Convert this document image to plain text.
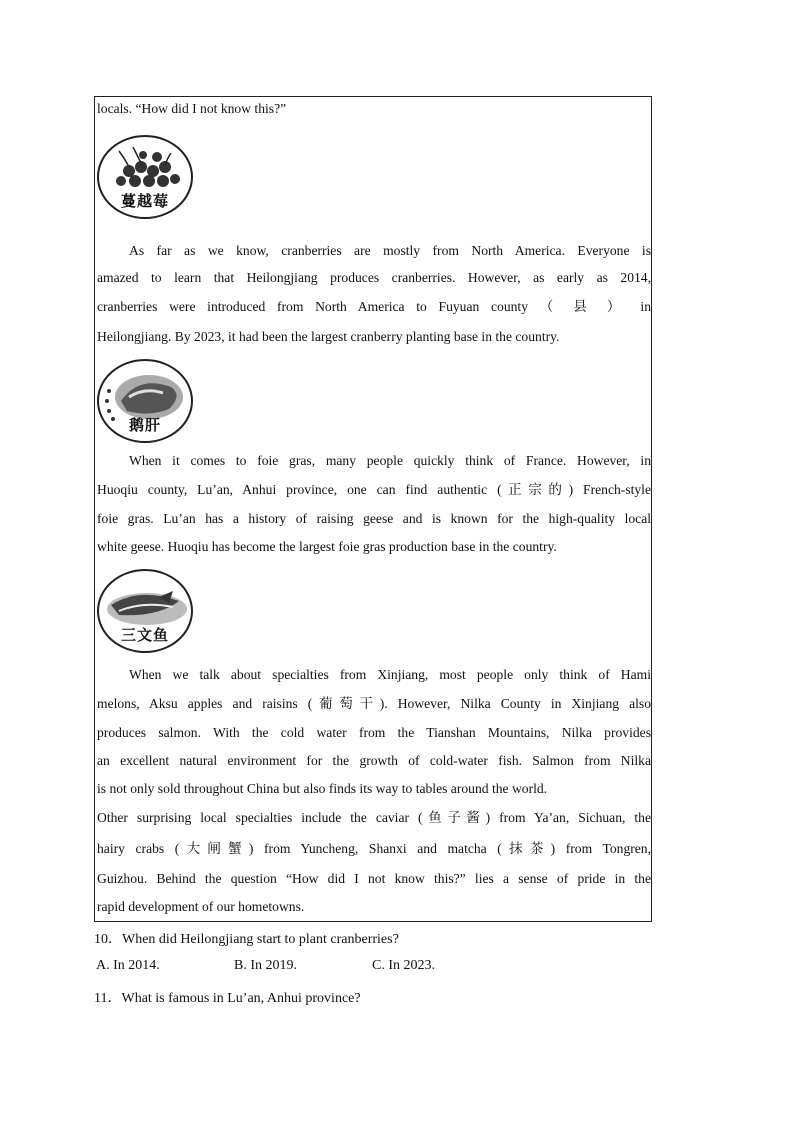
locals. “How did I not know this?”
蔓越莓
As far as we know, cranberries are mostly from North America. Everyone is
amazed to learn that Heilongjiang produces cranberries. However, as early as 2014,
cranberries were introduced from North America to Fuyuan county （ 县 ） in
Heilongjiang. By 2023, it had been the largest cranberry planting base in the country.
鹅肝
When it comes to foie gras, many people quickly think of France. However, in
Huoqiu county, Lu’an, Anhui province, one can find authentic (正宗的) French-style
foie gras. Lu’an has a history of raising geese and is known for the high-quality local
white geese. Huoqiu has become the largest foie gras production base in the country.
三文鱼
When we talk about specialties from Xinjiang, most people only think of Hami
melons, Aksu apples and raisins (葡萄干). However, Nilka County in Xinjiang also
produces salmon. With the cold water from the Tianshan Mountains, Nilka provides
an excellent natural environment for the growth of cold-water fish. Salmon from Nilka
is not only sold throughout China but also finds its way to tables around the world.
Other surprising local specialties include the caviar (鱼子酱) from Ya’an, Sichuan, the
hairy crabs (大闸蟹) from Yuncheng, Shanxi and matcha (抹茶) from Tongren,
Guizhou. Behind the question “How did I not know this?” lies a sense of pride in the
rapid development of our hometowns.
10．When did Heilongjiang start to plant cranberries?
A. In 2014.	B. In 2019.	C. In 2023.
11．What is famous in Lu’an, Anhui province?
